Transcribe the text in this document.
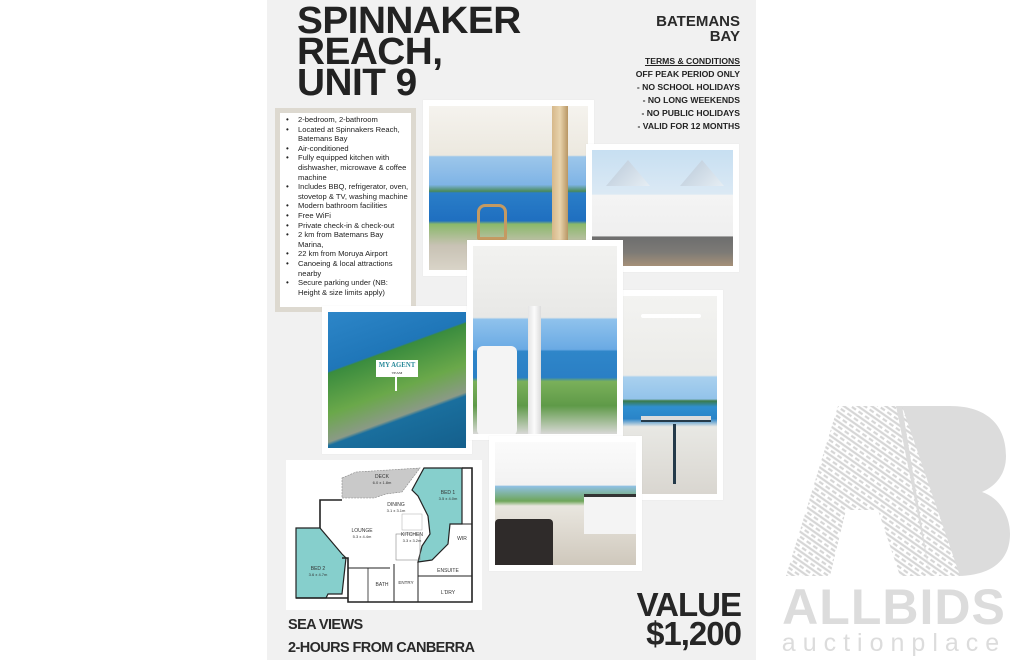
SPINNAKER
REACH,
UNIT 9
BATEMANS
BAY
TERMS & CONDITIONS
OFF PEAK PERIOD ONLY
- NO SCHOOL HOLIDAYS
- NO LONG WEEKENDS
- NO PUBLIC HOLIDAYS
- VALID FOR 12 MONTHS
• 2-bedroom, 2-bathroom
• Located at Spinnakers Reach, Batemans Bay
• Air-conditioned
• Fully equipped kitchen with dishwasher, microwave & coffee machine
• Includes BBQ, refrigerator, oven, stovetop & TV, washing machine
• Modern bathroom facilities
• Free WiFi
• Private check-in & check-out
• 2 km from Batemans Bay Marina,
• 22 km from Moruya Airport
• Canoeing & local attractions nearby
• Secure parking under (NB: Height & size limits apply)
MY AGENT
TEAM
DECK
6.0 x 1.8m
DINING
3.1 x 3.1m
LOUNGE
5.3 x 4.4m	KITCHEN
3.3 x 3.2m
BED 1
3.5 x 4.0m
BED 2
3.6 x 4.7m
WIR
ENSUITE
BATH ENTRY
L'DRY
SEA VIEWS
2-HOURS FROM CANBERRA
VALUE
$1,200 ALLBIDS
auctionplace
